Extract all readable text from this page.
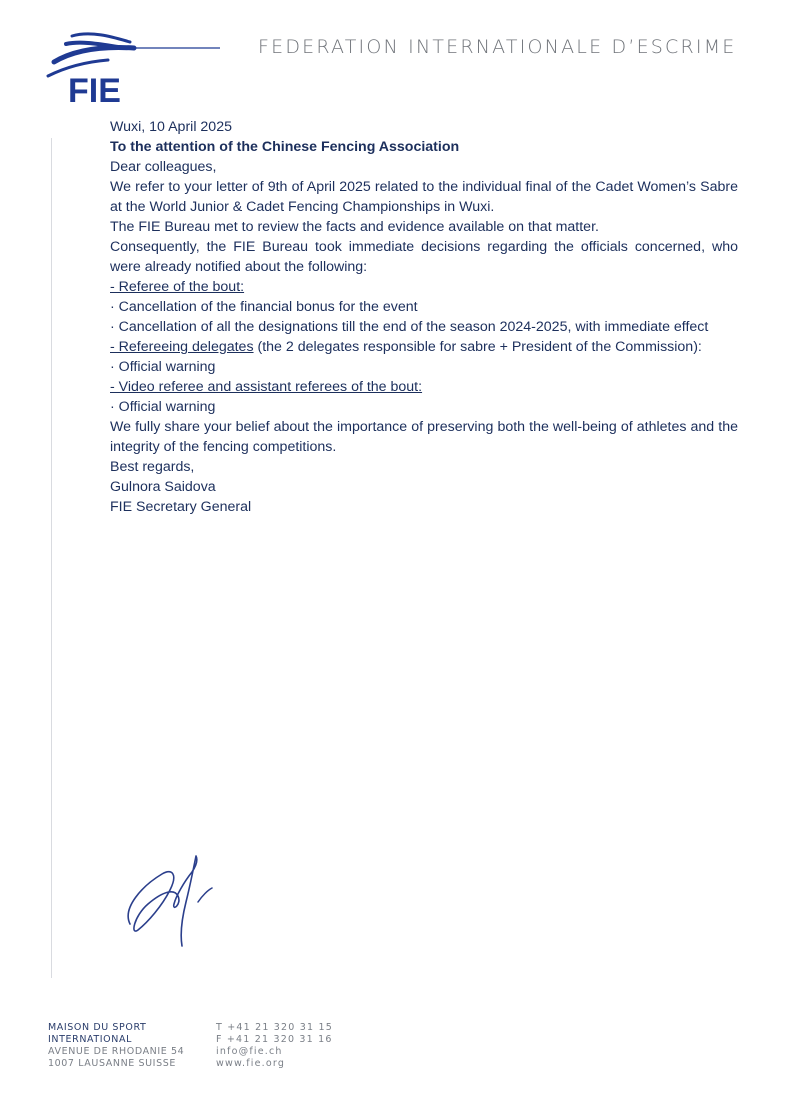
FIE
FEDERATION INTERNATIONALE D’ESCRIME

Wuxi, 10 April 2025

To the attention of the Chinese Fencing Association

Dear colleagues,

We refer to your letter of 9th of April 2025 related to the individual final of the Cadet Women’s Sabre at the World Junior & Cadet Fencing Championships in Wuxi.

The FIE Bureau met to review the facts and evidence available on that matter.

Consequently, the FIE Bureau took immediate decisions regarding the officials concerned, who were already notified about the following:

- Referee of the bout:

· Cancellation of the financial bonus for the event

· Cancellation of all the designations till the end of the season 2024-2025, with immediate effect

- Refereeing delegates (the 2 delegates responsible for sabre + President of the Commission):

· Official warning

- Video referee and assistant referees of the bout:

· Official warning

We fully share your belief about the importance of preserving both the well-being of athletes and the integrity of the fencing competitions.

Best regards,

Gulnora Saidova

FIE Secretary General

MAISON DU SPORT
INTERNATIONAL
AVENUE DE RHODANIE 54
1007 LAUSANNE SUISSE
T +41 21 320 31 15
F +41 21 320 31 16
info@fie.ch
www.fie.org
